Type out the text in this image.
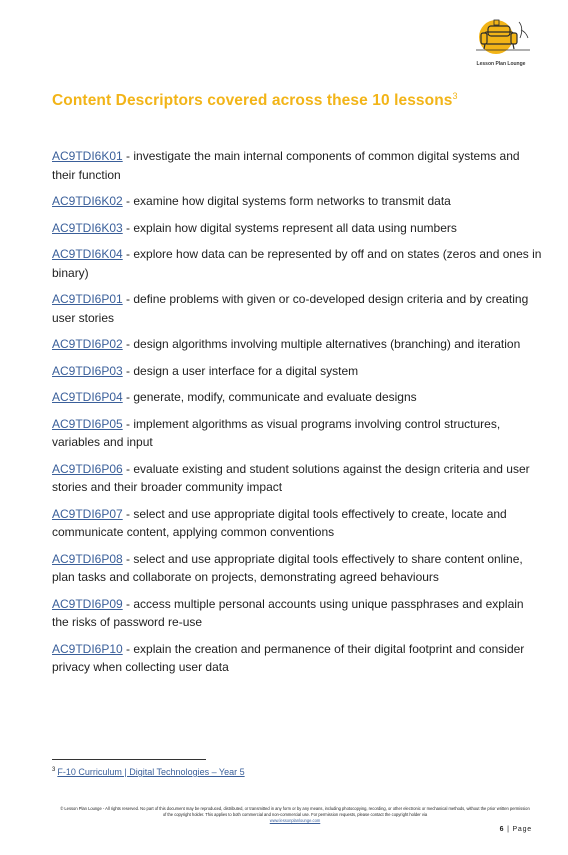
Lesson Plan Lounge
Content Descriptors covered across these 10 lessons$^3$
AC9TDI6K01 - investigate the main internal components of common digital systems and their function
AC9TDI6K02 - examine how digital systems form networks to transmit data
AC9TDI6K03 - explain how digital systems represent all data using numbers
AC9TDI6K04 - explore how data can be represented by off and on states (zeros and ones in binary)
AC9TDI6P01 - define problems with given or co-developed design criteria and by creating user stories
AC9TDI6P02 - design algorithms involving multiple alternatives (branching) and iteration
AC9TDI6P03 - design a user interface for a digital system
AC9TDI6P04 - generate, modify, communicate and evaluate designs
AC9TDI6P05 - implement algorithms as visual programs involving control structures, variables and input
AC9TDI6P06 - evaluate existing and student solutions against the design criteria and user stories and their broader community impact
AC9TDI6P07 - select and use appropriate digital tools effectively to create, locate and communicate content, applying common conventions
AC9TDI6P08 - select and use appropriate digital tools effectively to share content online, plan tasks and collaborate on projects, demonstrating agreed behaviours
AC9TDI6P09 - access multiple personal accounts using unique passphrases and explain the risks of password re-use
AC9TDI6P10 - explain the creation and permanence of their digital footprint and consider privacy when collecting user data
$^3$ F-10 Curriculum | Digital Technologies – Year 5
© Lesson Plan Lounge - All rights reserved. No part of this document may be reproduced, distributed, or transmitted in any form or by any means, including photocopying, recording, or other electronic or mechanical methods, without the prior written permission of the copyright holder. This applies to both commercial and non-commercial use. For permission requests, please contact the copyright holder via
www.lessonplanlounge.com
6 | Page
